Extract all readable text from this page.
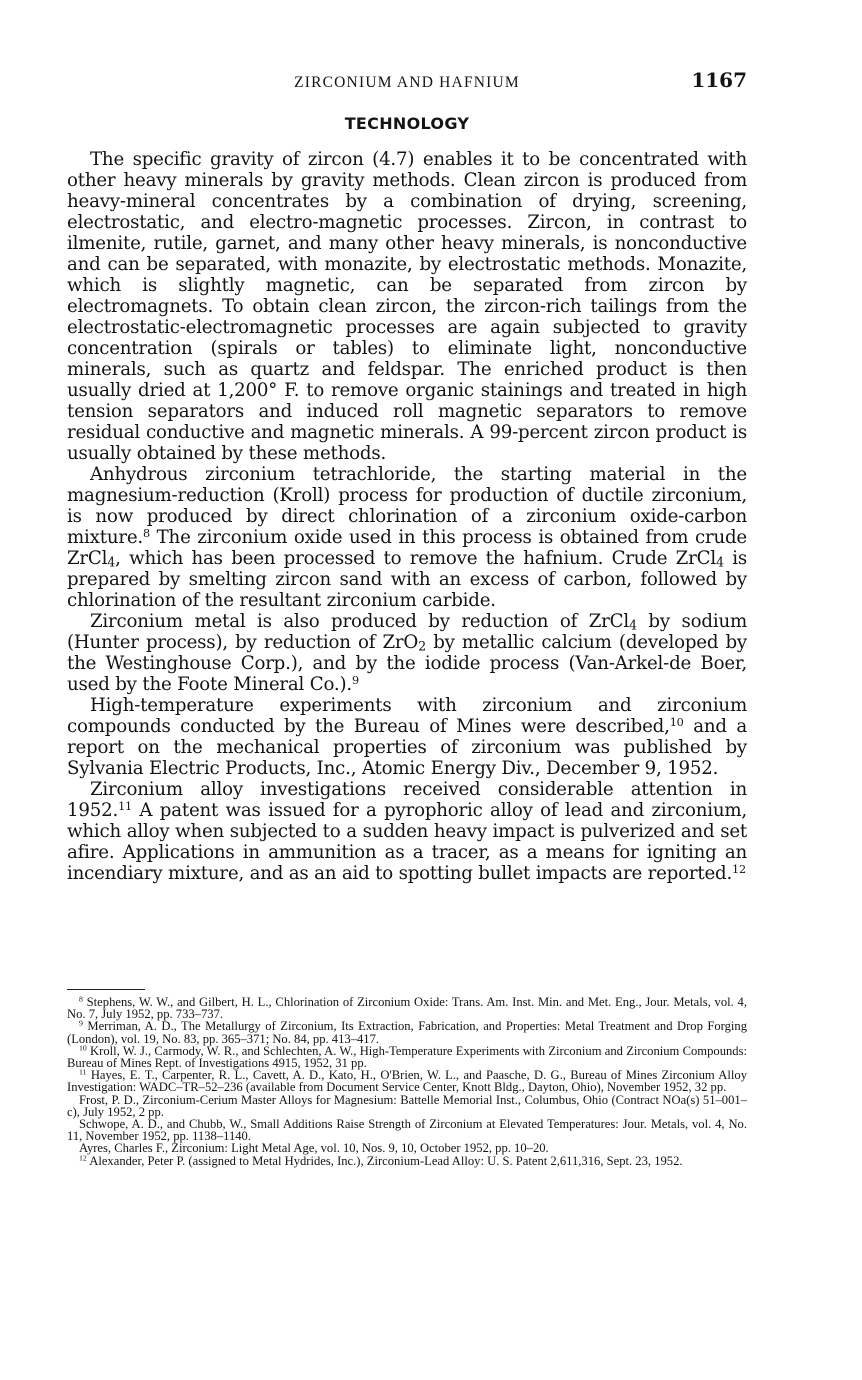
ZIRCONIUM AND HAFNIUM	1167
TECHNOLOGY

The specific gravity of zircon (4.7) enables it to be concentrated with other heavy minerals by gravity methods. Clean zircon is produced from heavy-mineral concentrates by a combination of drying, screening, electrostatic, and electro-magnetic processes. Zircon, in contrast to ilmenite, rutile, garnet, and many other heavy minerals, is nonconductive and can be separated, with monazite, by electrostatic methods. Monazite, which is slightly magnetic, can be separated from zircon by electromagnets. To obtain clean zircon, the zircon-rich tailings from the electrostatic-electromagnetic processes are again subjected to gravity concentration (spirals or tables) to eliminate light, nonconductive minerals, such as quartz and feldspar. The enriched product is then usually dried at 1,200° F. to remove organic stainings and treated in high tension separators and induced roll magnetic separators to remove residual conductive and magnetic minerals. A 99-percent zircon product is usually obtained by these methods.

Anhydrous zirconium tetrachloride, the starting material in the magnesium-reduction (Kroll) process for production of ductile zirconium, is now produced by direct chlorination of a zirconium oxide-carbon mixture.$^8$ The zirconium oxide used in this process is obtained from crude ZrCl$_4$, which has been processed to remove the hafnium. Crude ZrCl$_4$ is prepared by smelting zircon sand with an excess of carbon, followed by chlorination of the resultant zirconium carbide.

Zirconium metal is also produced by reduction of ZrCl$_4$ by sodium (Hunter process), by reduction of ZrO$_2$ by metallic calcium (developed by the Westinghouse Corp.), and by the iodide process (Van-Arkel-de Boer, used by the Foote Mineral Co.).$^9$

High-temperature experiments with zirconium and zirconium compounds conducted by the Bureau of Mines were described,$^{10}$ and a report on the mechanical properties of zirconium was published by Sylvania Electric Products, Inc., Atomic Energy Div., December 9, 1952.

Zirconium alloy investigations received considerable attention in 1952.11 A patent was issued for a pyrophoric alloy of lead and zirconium, which alloy when subjected to a sudden heavy impact is pulverized and set afire. Applications in ammunition as a tracer, as a means for igniting an incendiary mixture, and as an aid to spotting bullet impacts are reported.$^{12}$

$^8$ Stephens, W. W., and Gilbert, H. L., Chlorination of Zirconium Oxide: Trans. Am. Inst. Min. and Met. Eng., Jour. Metals, vol. 4, No. 7, July 1952, pp. 733–737.

$^9$ Merriman, A. D., The Metallurgy of Zirconium, Its Extraction, Fabrication, and Properties: Metal Treatment and Drop Forging (London), vol. 19, No. 83, pp. 365–371; No. 84, pp. 413–417.

$^{10}$ Kroll, W. J., Carmody, W. R., and Schlechten, A. W., High-Temperature Experiments with Zirconium and Zirconium Compounds: Bureau of Mines Rept. of Investigations 4915, 1952, 31 pp.

$^{11}$ Hayes, E. T., Carpenter, R. L., Cavett, A. D., Kato, H., O'Brien, W. L., and Paasche, D. G., Bureau of Mines Zirconium Alloy Investigation: WADC–TR–52–236 (available from Document Service Center, Knott Bldg., Dayton, Ohio), November 1952, 32 pp.

Frost, P. D., Zirconium-Cerium Master Alloys for Magnesium: Battelle Memorial Inst., Columbus, Ohio (Contract NOa(s) 51–001–c), July 1952, 2 pp.

Schwope, A. D., and Chubb, W., Small Additions Raise Strength of Zirconium at Elevated Temperatures: Jour. Metals, vol. 4, No. 11, November 1952, pp. 1138–1140.

Ayres, Charles F., Zirconium: Light Metal Age, vol. 10, Nos. 9, 10, October 1952, pp. 10–20.

$^{12}$ Alexander, Peter P. (assigned to Metal Hydrides, Inc.), Zirconium-Lead Alloy: U. S. Patent 2,611,316, Sept. 23, 1952.
